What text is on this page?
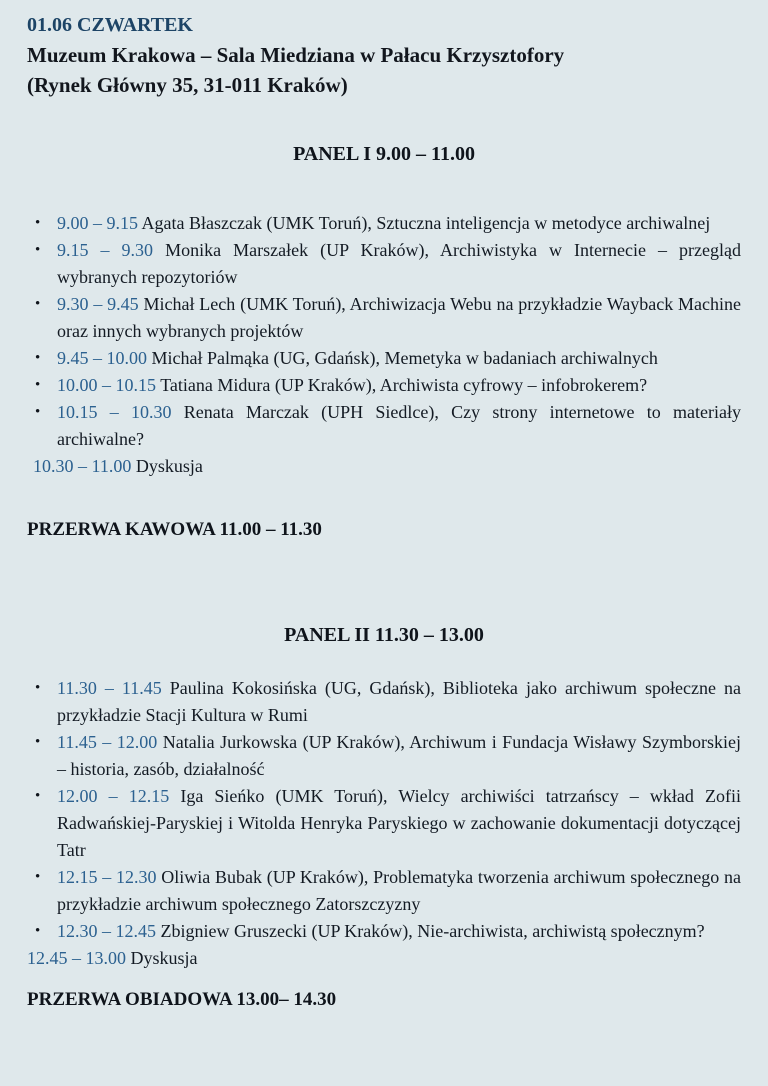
01.06 CZWARTEK
Muzeum Krakowa – Sala Miedziana w Pałacu Krzysztofory
(Rynek Główny 35, 31-011 Kraków)
PANEL I 9.00 – 11.00
• 9.00 – 9.15 Agata Błaszczak (UMK Toruń), Sztuczna inteligencja w metodyce archiwalnej
• 9.15 – 9.30 Monika Marszałek (UP Kraków), Archiwistyka w Internecie – przegląd wybranych repozytoriów
• 9.30 – 9.45 Michał Lech (UMK Toruń), Archiwizacja Webu na przykładzie Wayback Machine oraz innych wybranych projektów
• 9.45 – 10.00 Michał Palmąka (UG, Gdańsk), Memetyka w badaniach archiwalnych
• 10.00 – 10.15 Tatiana Midura (UP Kraków), Archiwista cyfrowy – infobrokerem?
• 10.15 – 10.30 Renata Marczak (UPH Siedlce), Czy strony internetowe to materiały archiwalne?
10.30 – 11.00 Dyskusja
PRZERWA KAWOWA 11.00 – 11.30
PANEL II 11.30 – 13.00
• 11.30 – 11.45 Paulina Kokosińska (UG, Gdańsk), Biblioteka jako archiwum społeczne na przykładzie Stacji Kultura w Rumi
• 11.45 – 12.00 Natalia Jurkowska (UP Kraków), Archiwum i Fundacja Wisławy Szymborskiej – historia, zasób, działalność
• 12.00 – 12.15 Iga Sieńko (UMK Toruń), Wielcy archiwiści tatrzańscy – wkład Zofii Radwańskiej-Paryskiej i Witolda Henryka Paryskiego w zachowanie dokumentacji dotyczącej Tatr
• 12.15 – 12.30 Oliwia Bubak (UP Kraków), Problematyka tworzenia archiwum społecznego na przykładzie archiwum społecznego Zatorszczyzny
• 12.30 – 12.45 Zbigniew Gruszecki (UP Kraków), Nie-archiwista, archiwistą społecznym?
12.45 – 13.00 Dyskusja
PRZERWA OBIADOWA 13.00– 14.30
